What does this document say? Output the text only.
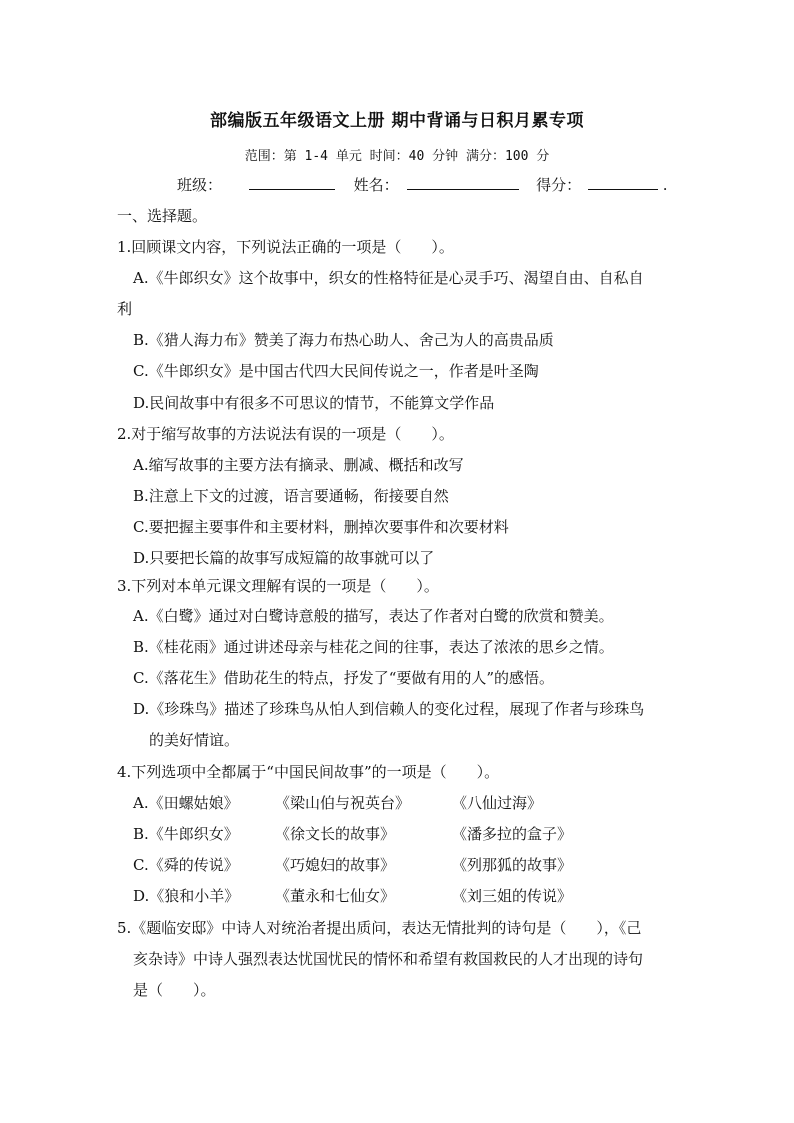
部编版五年级语文上册 期中背诵与日积月累专项
范围：第 1-4 单元 时间：40 分钟 满分：100 分
班级：	姓名：	得分：	.
一、选择题。
1.回顾课文内容，下列说法正确的一项是（　　）。
A.《牛郎织女》这个故事中，织女的性格特征是心灵手巧、渴望自由、自私自
利
B.《猎人海力布》赞美了海力布热心助人、舍己为人的高贵品质
C.《牛郎织女》是中国古代四大民间传说之一，作者是叶圣陶
D.民间故事中有很多不可思议的情节，不能算文学作品
2.对于缩写故事的方法说法有误的一项是（　　）。
A.缩写故事的主要方法有摘录、删减、概括和改写
B.注意上下文的过渡，语言要通畅，衔接要自然
C.要把握主要事件和主要材料，删掉次要事件和次要材料
D.只要把长篇的故事写成短篇的故事就可以了
3.下列对本单元课文理解有误的一项是（　　）。
A.《白鹭》通过对白鹭诗意般的描写，表达了作者对白鹭的欣赏和赞美。
B.《桂花雨》通过讲述母亲与桂花之间的往事，表达了浓浓的思乡之情。
C.《落花生》借助花生的特点，抒发了“要做有用的人”的感悟。
D.《珍珠鸟》描述了珍珠鸟从怕人到信赖人的变化过程，展现了作者与珍珠鸟
的美好情谊。
4.下列选项中全都属于“中国民间故事”的一项是（　　）。
A.《田螺姑娘》 《梁山伯与祝英台》	《八仙过海》
B.《牛郎织女》 《徐文长的故事》	《潘多拉的盒子》
C.《舜的传说》 《巧媳妇的故事》	《列那狐的故事》
D.《狼和小羊》 《董永和七仙女》	《刘三姐的传说》
5.《题临安邸》中诗人对统治者提出质问，表达无情批判的诗句是（　　），《己
亥杂诗》中诗人强烈表达忧国忧民的情怀和希望有救国救民的人才出现的诗句
是（　　）。
